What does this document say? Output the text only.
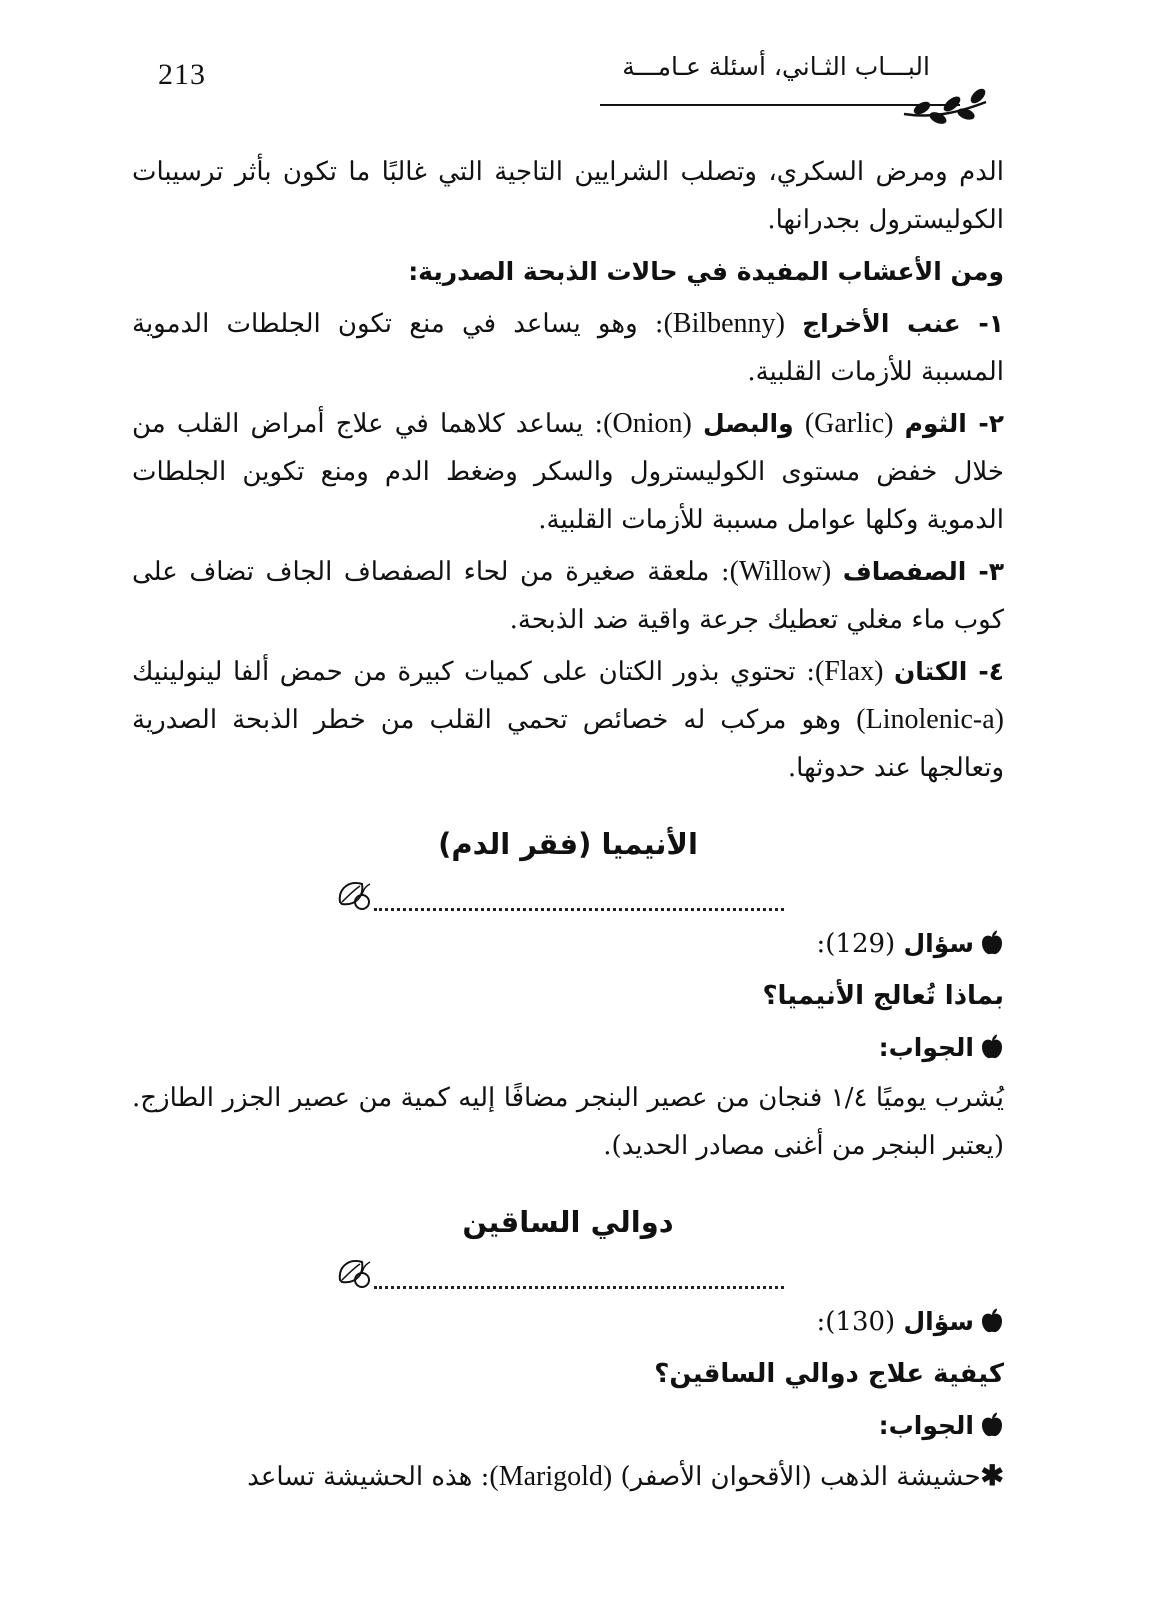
213	البـــاب الثـاني، أسئلة عـامـــة

الدم ومرض السكري، وتصلب الشرايين التاجية التي غالبًا ما تكون بأثر ترسيبات الكوليسترول بجدرانها.

ومن الأعشاب المفيدة في حالات الذبحة الصدرية:

١- عنب الأخراج (Bilbenny): وهو يساعد في منع تكون الجلطات الدموية المسببة للأزمات القلبية.

٢- الثوم (Garlic) والبصل (Onion): يساعد كلاهما في علاج أمراض القلب من خلال خفض مستوى الكوليسترول والسكر وضغط الدم ومنع تكوين الجلطات الدموية وكلها عوامل مسببة للأزمات القلبية.

٣- الصفصاف (Willow): ملعقة صغيرة من لحاء الصفصاف الجاف تضاف على كوب ماء مغلي تعطيك جرعة واقية ضد الذبحة.

٤- الكتان (Flax): تحتوي بذور الكتان على كميات كبيرة من حمض ألفا لينولينيك (Linolenic-a) وهو مركب له خصائص تحمي القلب من خطر الذبحة الصدرية وتعالجها عند حدوثها.

الأنيميا (فقر الدم)
سؤال (129):
بماذا تُعالج الأنيميا؟
الجواب:

يُشرب يوميًا ١/٤ فنجان من عصير البنجر مضافًا إليه كمية من عصير الجزر الطازج. (يعتبر البنجر من أغنى مصادر الحديد).

دوالي الساقين
سؤال (130):
كيفية علاج دوالي الساقين؟
الجواب:

✱حشيشة الذهب (الأقحوان الأصفر) (Marigold): هذه الحشيشة تساعد
